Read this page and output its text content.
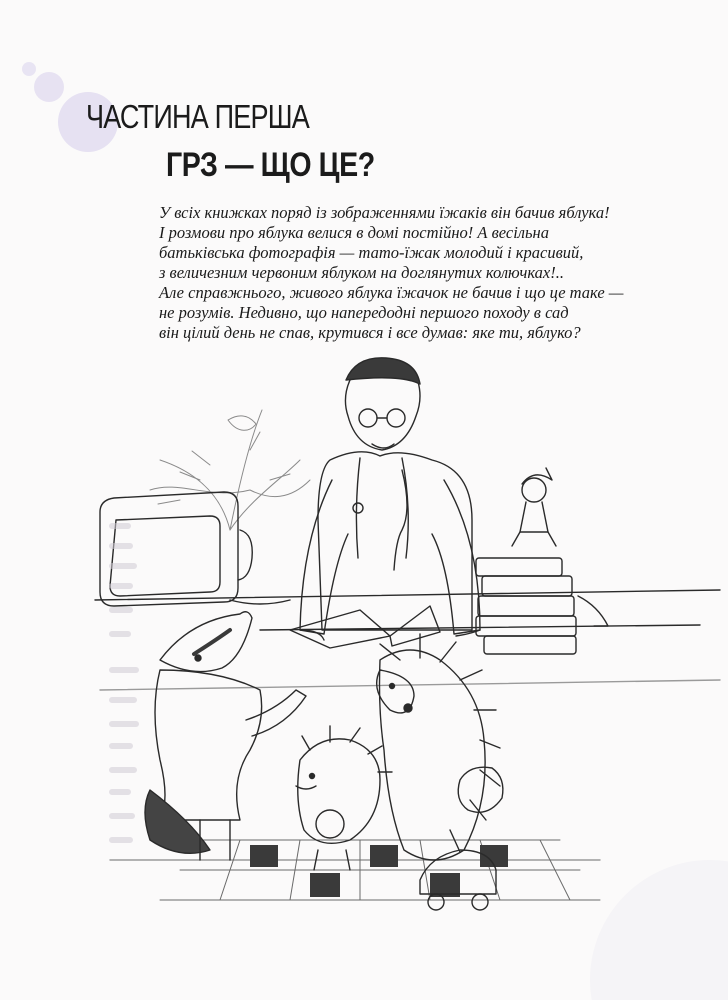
ЧАСТИНА ПЕРША
ГРЗ — ЩО ЦЕ?
У всіх книжках поряд із зображеннями їжаків він бачив яблука!
І розмови про яблука велися в домі постійно! А весільна
батьківська фотографія — тато-їжак молодий і красивий,
з величезним червоним яблуком на доглянутих колючках!..
Але справжнього, живого яблука їжачок не бачив і що це таке —
не розумів. Недивно, що напередодні першого походу в сад
він цілий день не спав, крутився і все думав: яке ти, яблуко?
